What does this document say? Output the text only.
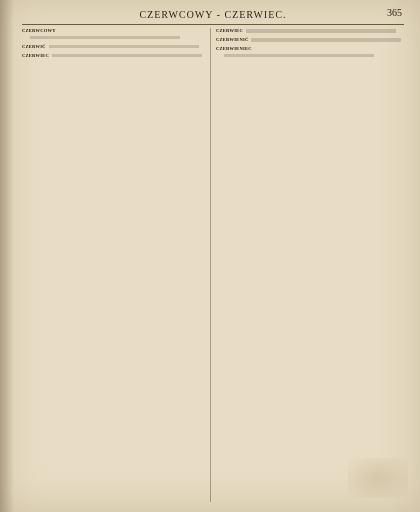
CZERWCOWY - CZERWIEC.	365

CZERWCOWY

CZERWIĆ

CZERWIEC

CZERWIEC

CZERWIENIĆ

CZERWIENIEC
